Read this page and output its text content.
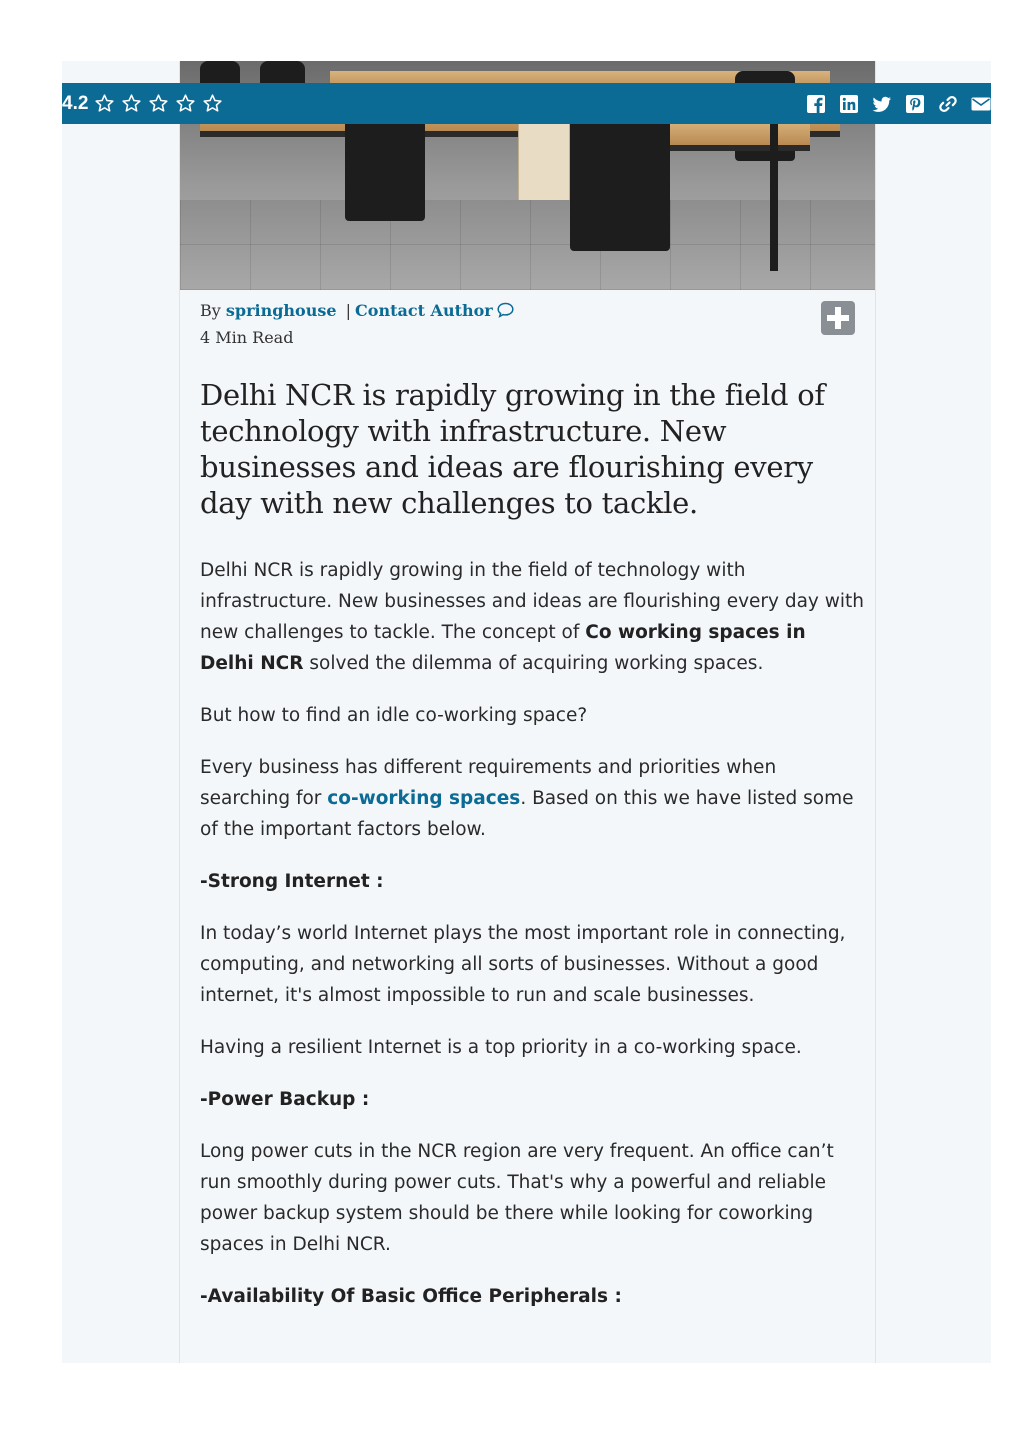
By springhouse | Contact Author
4 Min Read
Delhi NCR is rapidly growing in the field of technology with infrastructure. New businesses and ideas are flourishing every day with new challenges to tackle.

Delhi NCR is rapidly growing in the field of technology with infrastructure. New businesses and ideas are flourishing every day with new challenges to tackle. The concept of Co working spaces in Delhi NCR solved the dilemma of acquiring working spaces.

But how to find an idle co-working space?

Every business has different requirements and priorities when searching for co-working spaces. Based on this we have listed some of the important factors below.

-Strong Internet :

In today’s world Internet plays the most important role in connecting, computing, and networking all sorts of businesses. Without a good internet, it's almost impossible to run and scale businesses.

Having a resilient Internet is a top priority in a co-working space.

-Power Backup :

Long power cuts in the NCR region are very frequent. An office can’t run smoothly during power cuts. That's why a powerful and reliable power backup system should be there while looking for coworking spaces in Delhi NCR.

-Availability Of Basic Office Peripherals :

4.2
